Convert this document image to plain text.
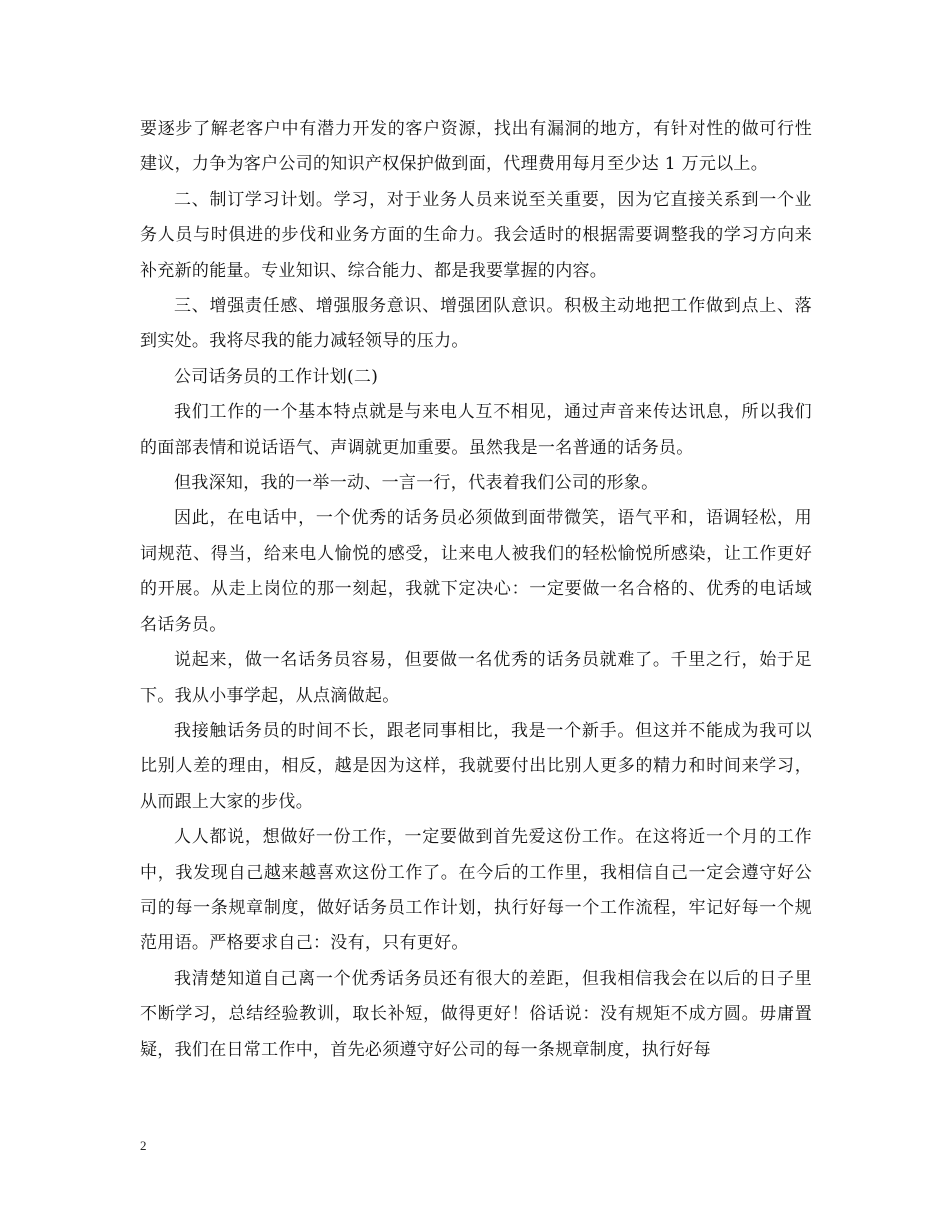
要逐步了解老客户中有潜力开发的客户资源，找出有漏洞的地方，有针对性的做可行性建议，力争为客户公司的知识产权保护做到面，代理费用每月至少达 1 万元以上。

二、制订学习计划。学习，对于业务人员来说至关重要，因为它直接关系到一个业务人员与时俱进的步伐和业务方面的生命力。我会适时的根据需要调整我的学习方向来补充新的能量。专业知识、综合能力、都是我要掌握的内容。

三、增强责任感、增强服务意识、增强团队意识。积极主动地把工作做到点上、落到实处。我将尽我的能力减轻领导的压力。

公司话务员的工作计划(二)

我们工作的一个基本特点就是与来电人互不相见，通过声音来传达讯息，所以我们的面部表情和说话语气、声调就更加重要。虽然我是一名普通的话务员。

但我深知，我的一举一动、一言一行，代表着我们公司的形象。

因此，在电话中，一个优秀的话务员必须做到面带微笑，语气平和，语调轻松，用词规范、得当，给来电人愉悦的感受，让来电人被我们的轻松愉悦所感染，让工作更好的开展。从走上岗位的那一刻起，我就下定决心：一定要做一名合格的、优秀的电话域名话务员。

说起来，做一名话务员容易，但要做一名优秀的话务员就难了。千里之行，始于足下。我从小事学起，从点滴做起。

我接触话务员的时间不长，跟老同事相比，我是一个新手。但这并不能成为我可以比别人差的理由，相反，越是因为这样，我就要付出比别人更多的精力和时间来学习，从而跟上大家的步伐。

人人都说，想做好一份工作，一定要做到首先爱这份工作。在这将近一个月的工作中，我发现自己越来越喜欢这份工作了。在今后的工作里，我相信自己一定会遵守好公司的每一条规章制度，做好话务员工作计划，执行好每一个工作流程，牢记好每一个规范用语。严格要求自己：没有，只有更好。

我清楚知道自己离一个优秀话务员还有很大的差距，但我相信我会在以后的日子里不断学习，总结经验教训，取长补短，做得更好！俗话说：没有规矩不成方圆。毋庸置疑，我们在日常工作中，首先必须遵守好公司的每一条规章制度，执行好每

2
